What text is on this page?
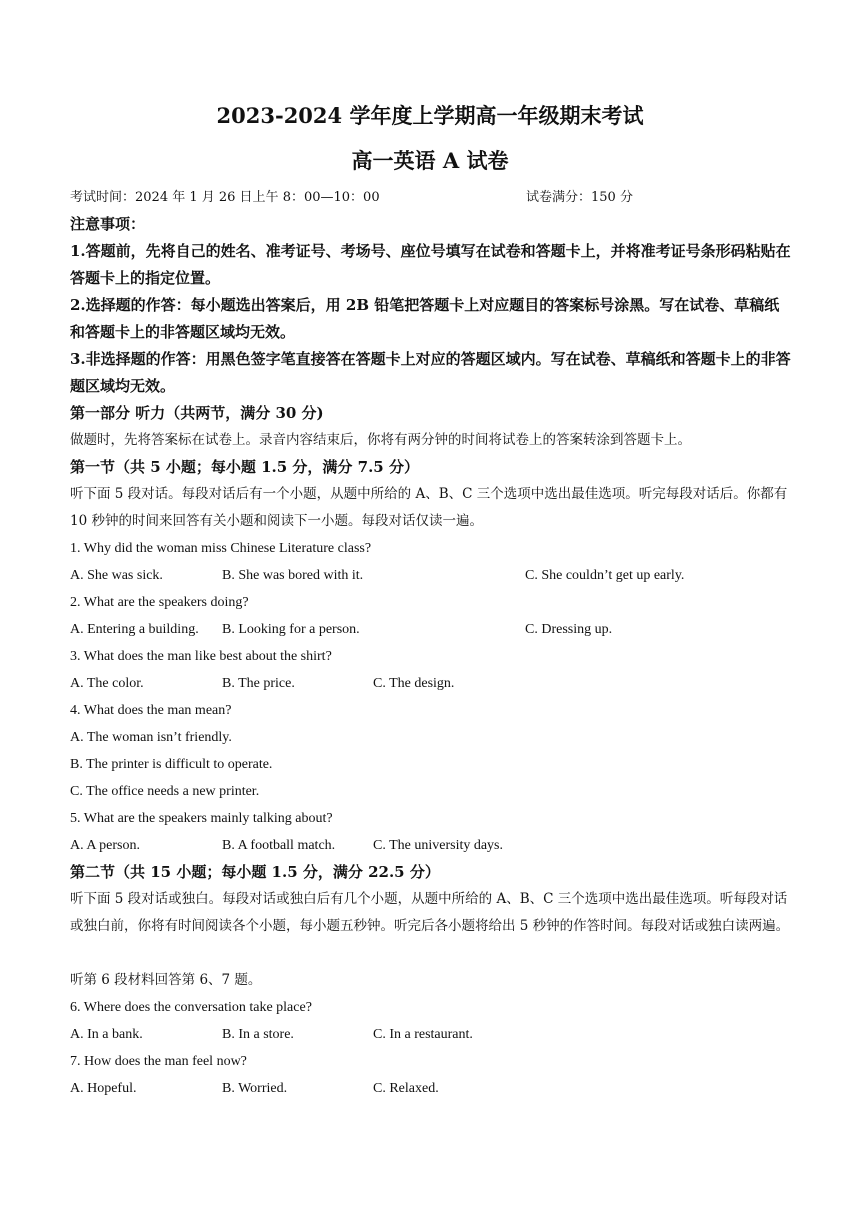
2023-2024 学年度上学期高一年级期末考试
高一英语 A 试卷

考试时间：2024 年 1 月 26 日上午 8：00—10：00	试卷满分：150 分

注意事项：

1.答题前，先将自己的姓名、准考证号、考场号、座位号填写在试卷和答题卡上，并将准考证号条形码粘贴在答题卡上的指定位置。

2.选择题的作答：每小题选出答案后，用 2B 铅笔把答题卡上对应题目的答案标号涂黑。写在试卷、草稿纸和答题卡上的非答题区域均无效。

3.非选择题的作答：用黑色签字笔直接答在答题卡上对应的答题区域内。写在试卷、草稿纸和答题卡上的非答题区域均无效。

第一部分 听力（共两节，满分 30 分)

做题时，先将答案标在试卷上。录音内容结束后，你将有两分钟的时间将试卷上的答案转涂到答题卡上。

第一节（共 5 小题；每小题 1.5 分，满分 7.5 分）

听下面 5 段对话。每段对话后有一个小题，从题中所给的 A、B、C 三个选项中选出最佳选项。听完每段对话后。你都有 10 秒钟的时间来回答有关小题和阅读下一小题。每段对话仅读一遍。

1. Why did the woman miss Chinese Literature class?

A. She was sick.	B. She was bored with it.	C. She couldn’t get up early.

2. What are the speakers doing?

A. Entering a building. B. Looking for a person.	C. Dressing up.

3. What does the man like best about the shirt?

A. The color.	B. The price.	C. The design.

4. What does the man mean?

A. The woman isn’t friendly.

B. The printer is difficult to operate.

C. The office needs a new printer.

5. What are the speakers mainly talking about?

A. A person.	B. A football match.	C. The university days.

第二节（共 15 小题；每小题 1.5 分，满分 22.5 分）

听下面 5 段对话或独白。每段对话或独白后有几个小题，从题中所给的 A、B、C 三个选项中选出最佳选项。听每段对话或独白前，你将有时间阅读各个小题，每小题五秒钟。听完后各小题将给出 5 秒钟的作答时间。每段对话或独白读两遍。

听第 6 段材料回答第 6、7 题。

6. Where does the conversation take place?

A. In a bank.	B. In a store.	C. In a restaurant.

7. How does the man feel now?

A. Hopeful.	B. Worried.	C. Relaxed.
